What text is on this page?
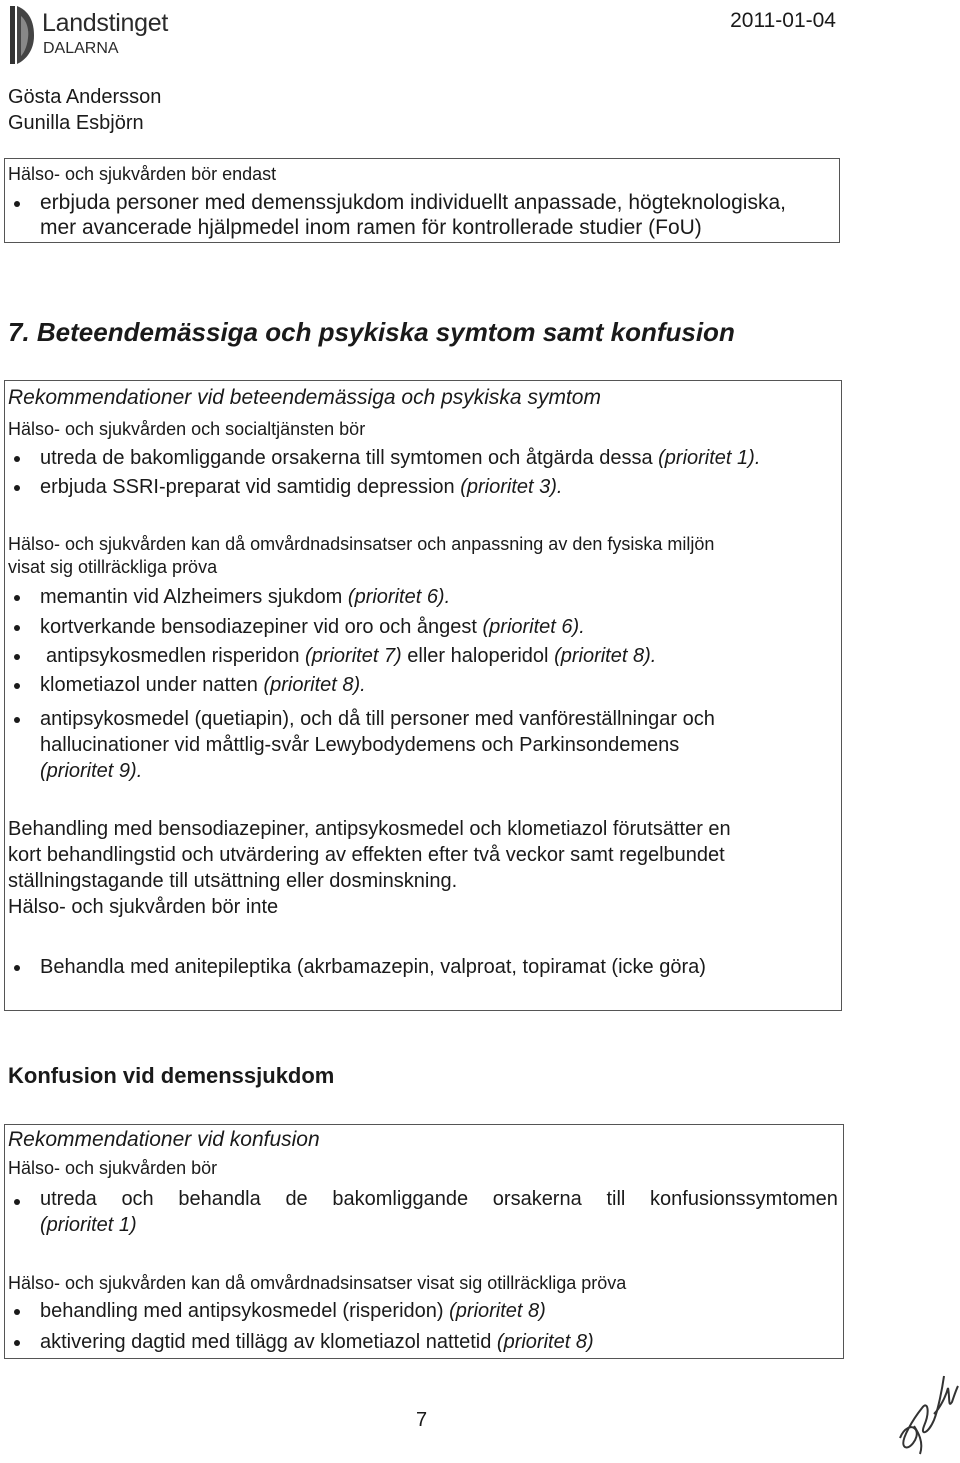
Landstinget
DALARNA
2011-01-04
Gösta Andersson
Gunilla Esbjörn
Hälso- och sjukvården bör endast
erbjuda personer med demenssjukdom individuellt anpassade, högteknologiska,
mer avancerade hjälpmedel inom ramen för kontrollerade studier (FoU)
7. Beteendemässiga och psykiska symtom samt konfusion
Rekommendationer vid beteendemässiga och psykiska symtom
Hälso- och sjukvården och socialtjänsten bör
utreda de bakomliggande orsakerna till symtomen och åtgärda dessa (prioritet 1).
erbjuda SSRI-preparat vid samtidig depression (prioritet 3).
Hälso- och sjukvården kan då omvårdnadsinsatser och anpassning av den fysiska miljön
visat sig otillräckliga pröva
memantin vid Alzheimers sjukdom (prioritet 6).
kortverkande bensodiazepiner vid oro och ångest (prioritet 6).
antipsykosmedlen risperidon (prioritet 7) eller haloperidol (prioritet 8).
klometiazol under natten (prioritet 8).
antipsykosmedel (quetiapin), och då till personer med vanföreställningar och
hallucinationer vid måttlig-svår Lewybodydemens och Parkinsondemens
(prioritet 9).
Behandling med bensodiazepiner, antipsykosmedel och klometiazol förutsätter en
kort behandlingstid och utvärdering av effekten efter två veckor samt regelbundet
ställningstagande till utsättning eller dosminskning.
Hälso- och sjukvården bör inte
Behandla med anitepileptika (akrbamazepin, valproat, topiramat (icke göra)
Konfusion vid demenssjukdom
Rekommendationer vid konfusion
Hälso- och sjukvården bör
utreda och behandla de bakomliggande orsakerna till konfusionssymtomen
(prioritet 1)
Hälso- och sjukvården kan då omvårdnadsinsatser visat sig otillräckliga pröva
behandling med antipsykosmedel (risperidon) (prioritet 8)
aktivering dagtid med tillägg av klometiazol nattetid (prioritet 8)
7
